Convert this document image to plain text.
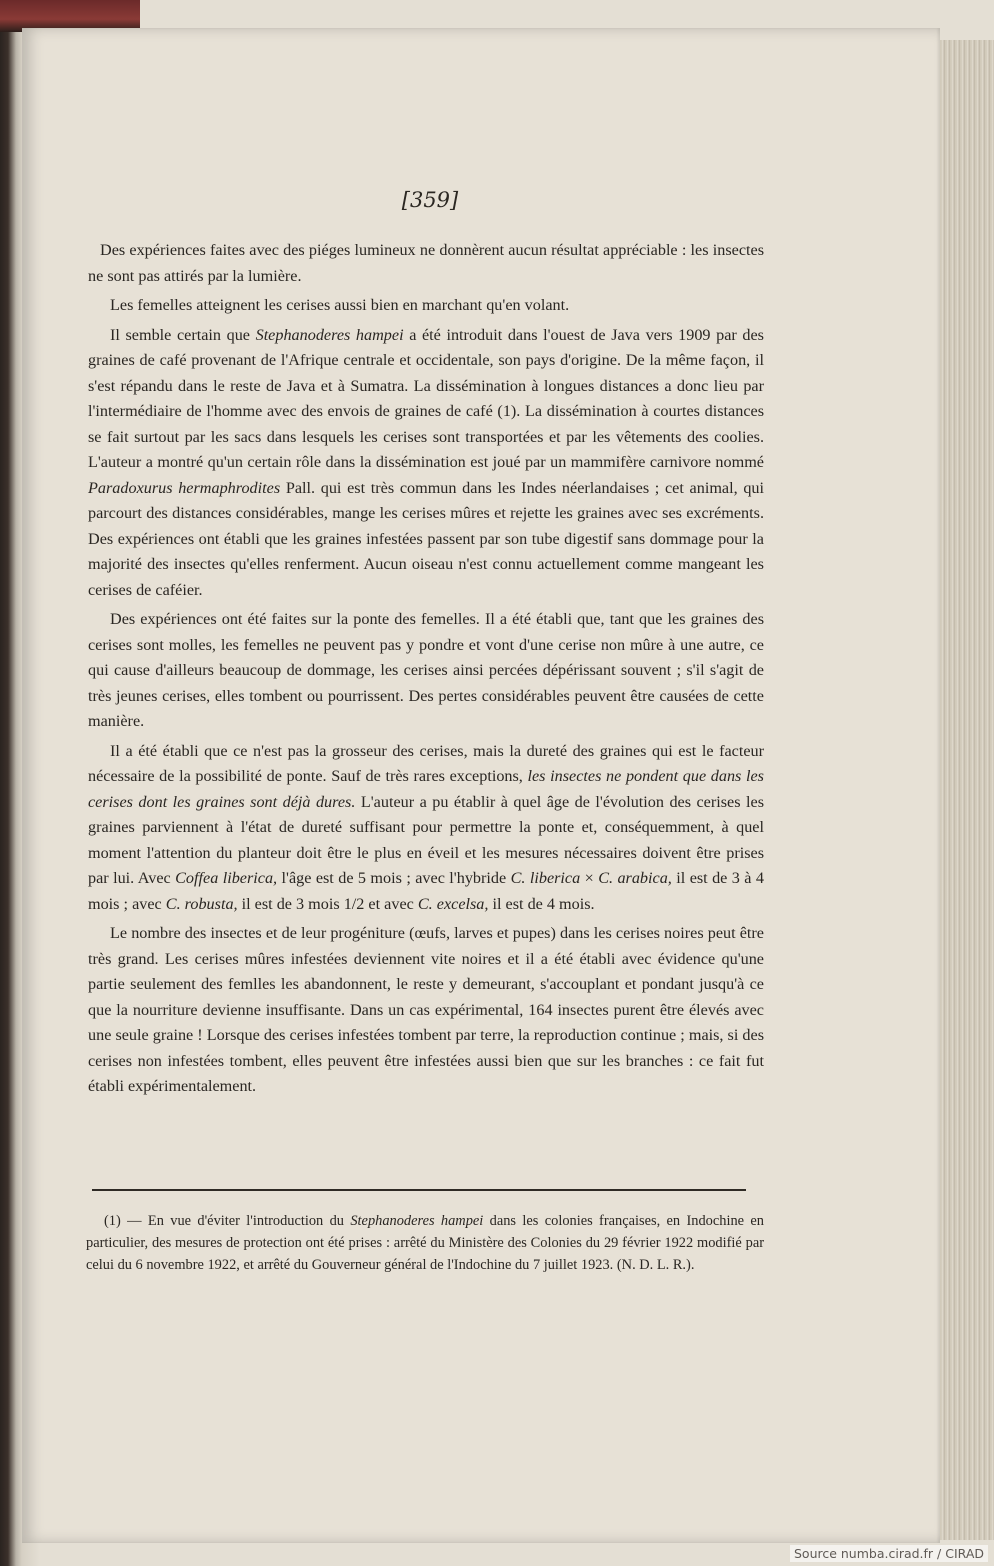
[359]

Des expériences faites avec des piéges lumineux ne donnèrent aucun résultat appréciable : les insectes ne sont pas attirés par la lumière.

Les femelles atteignent les cerises aussi bien en marchant qu'en volant.

Il semble certain que Stephanoderes hampei a été introduit dans l'ouest de Java vers 1909 par des graines de café provenant de l'Afrique centrale et occidentale, son pays d'origine. De la même façon, il s'est répandu dans le reste de Java et à Sumatra. La dissémination à longues distances a donc lieu par l'intermédiaire de l'homme avec des envois de graines de café (1). La dissémination à courtes distances se fait surtout par les sacs dans lesquels les cerises sont transportées et par les vêtements des coolies. L'auteur a montré qu'un certain rôle dans la dissémination est joué par un mammifère carnivore nommé Paradoxurus hermaphrodites Pall. qui est très commun dans les Indes néerlandaises ; cet animal, qui parcourt des distances considérables, mange les cerises mûres et rejette les graines avec ses excréments. Des expériences ont établi que les graines infestées passent par son tube digestif sans dommage pour la majorité des insectes qu'elles renferment. Aucun oiseau n'est connu actuellement comme mangeant les cerises de caféier.

Des expériences ont été faites sur la ponte des femelles. Il a été établi que, tant que les graines des cerises sont molles, les femelles ne peuvent pas y pondre et vont d'une cerise non mûre à une autre, ce qui cause d'ailleurs beaucoup de dommage, les cerises ainsi percées dépérissant souvent ; s'il s'agit de très jeunes cerises, elles tombent ou pourrissent. Des pertes considérables peuvent être causées de cette manière.

Il a été établi que ce n'est pas la grosseur des cerises, mais la dureté des graines qui est le facteur nécessaire de la possibilité de ponte. Sauf de très rares exceptions, les insectes ne pondent que dans les cerises dont les graines sont déjà dures. L'auteur a pu établir à quel âge de l'évolution des cerises les graines parviennent à l'état de dureté suffisant pour permettre la ponte et, conséquemment, à quel moment l'attention du planteur doit être le plus en éveil et les mesures nécessaires doivent être prises par lui. Avec Coffea liberica, l'âge est de 5 mois ; avec l'hybride C. liberica × C. arabica, il est de 3 à 4 mois ; avec C. robusta, il est de 3 mois 1/2 et avec C. excelsa, il est de 4 mois.

Le nombre des insectes et de leur progéniture (œufs, larves et pupes) dans les cerises noires peut être très grand. Les cerises mûres infestées deviennent vite noires et il a été établi avec évidence qu'une partie seulement des femlles les abandonnent, le reste y demeurant, s'accouplant et pondant jusqu'à ce que la nourriture devienne insuffisante. Dans un cas expérimental, 164 insectes purent être élevés avec une seule graine ! Lorsque des cerises infestées tombent par terre, la reproduction continue ; mais, si des cerises non infestées tombent, elles peuvent être infestées aussi bien que sur les branches : ce fait fut établi expérimentalement.

(1) — En vue d'éviter l'introduction du Stephanoderes hampei dans les colonies françaises, en Indochine en particulier, des mesures de protection ont été prises : arrêté du Ministère des Colonies du 29 février 1922 modifié par celui du 6 novembre 1922, et arrêté du Gouverneur général de l'Indochine du 7 juillet 1923. (N. D. L. R.).

Source numba.cirad.fr / CIRAD
